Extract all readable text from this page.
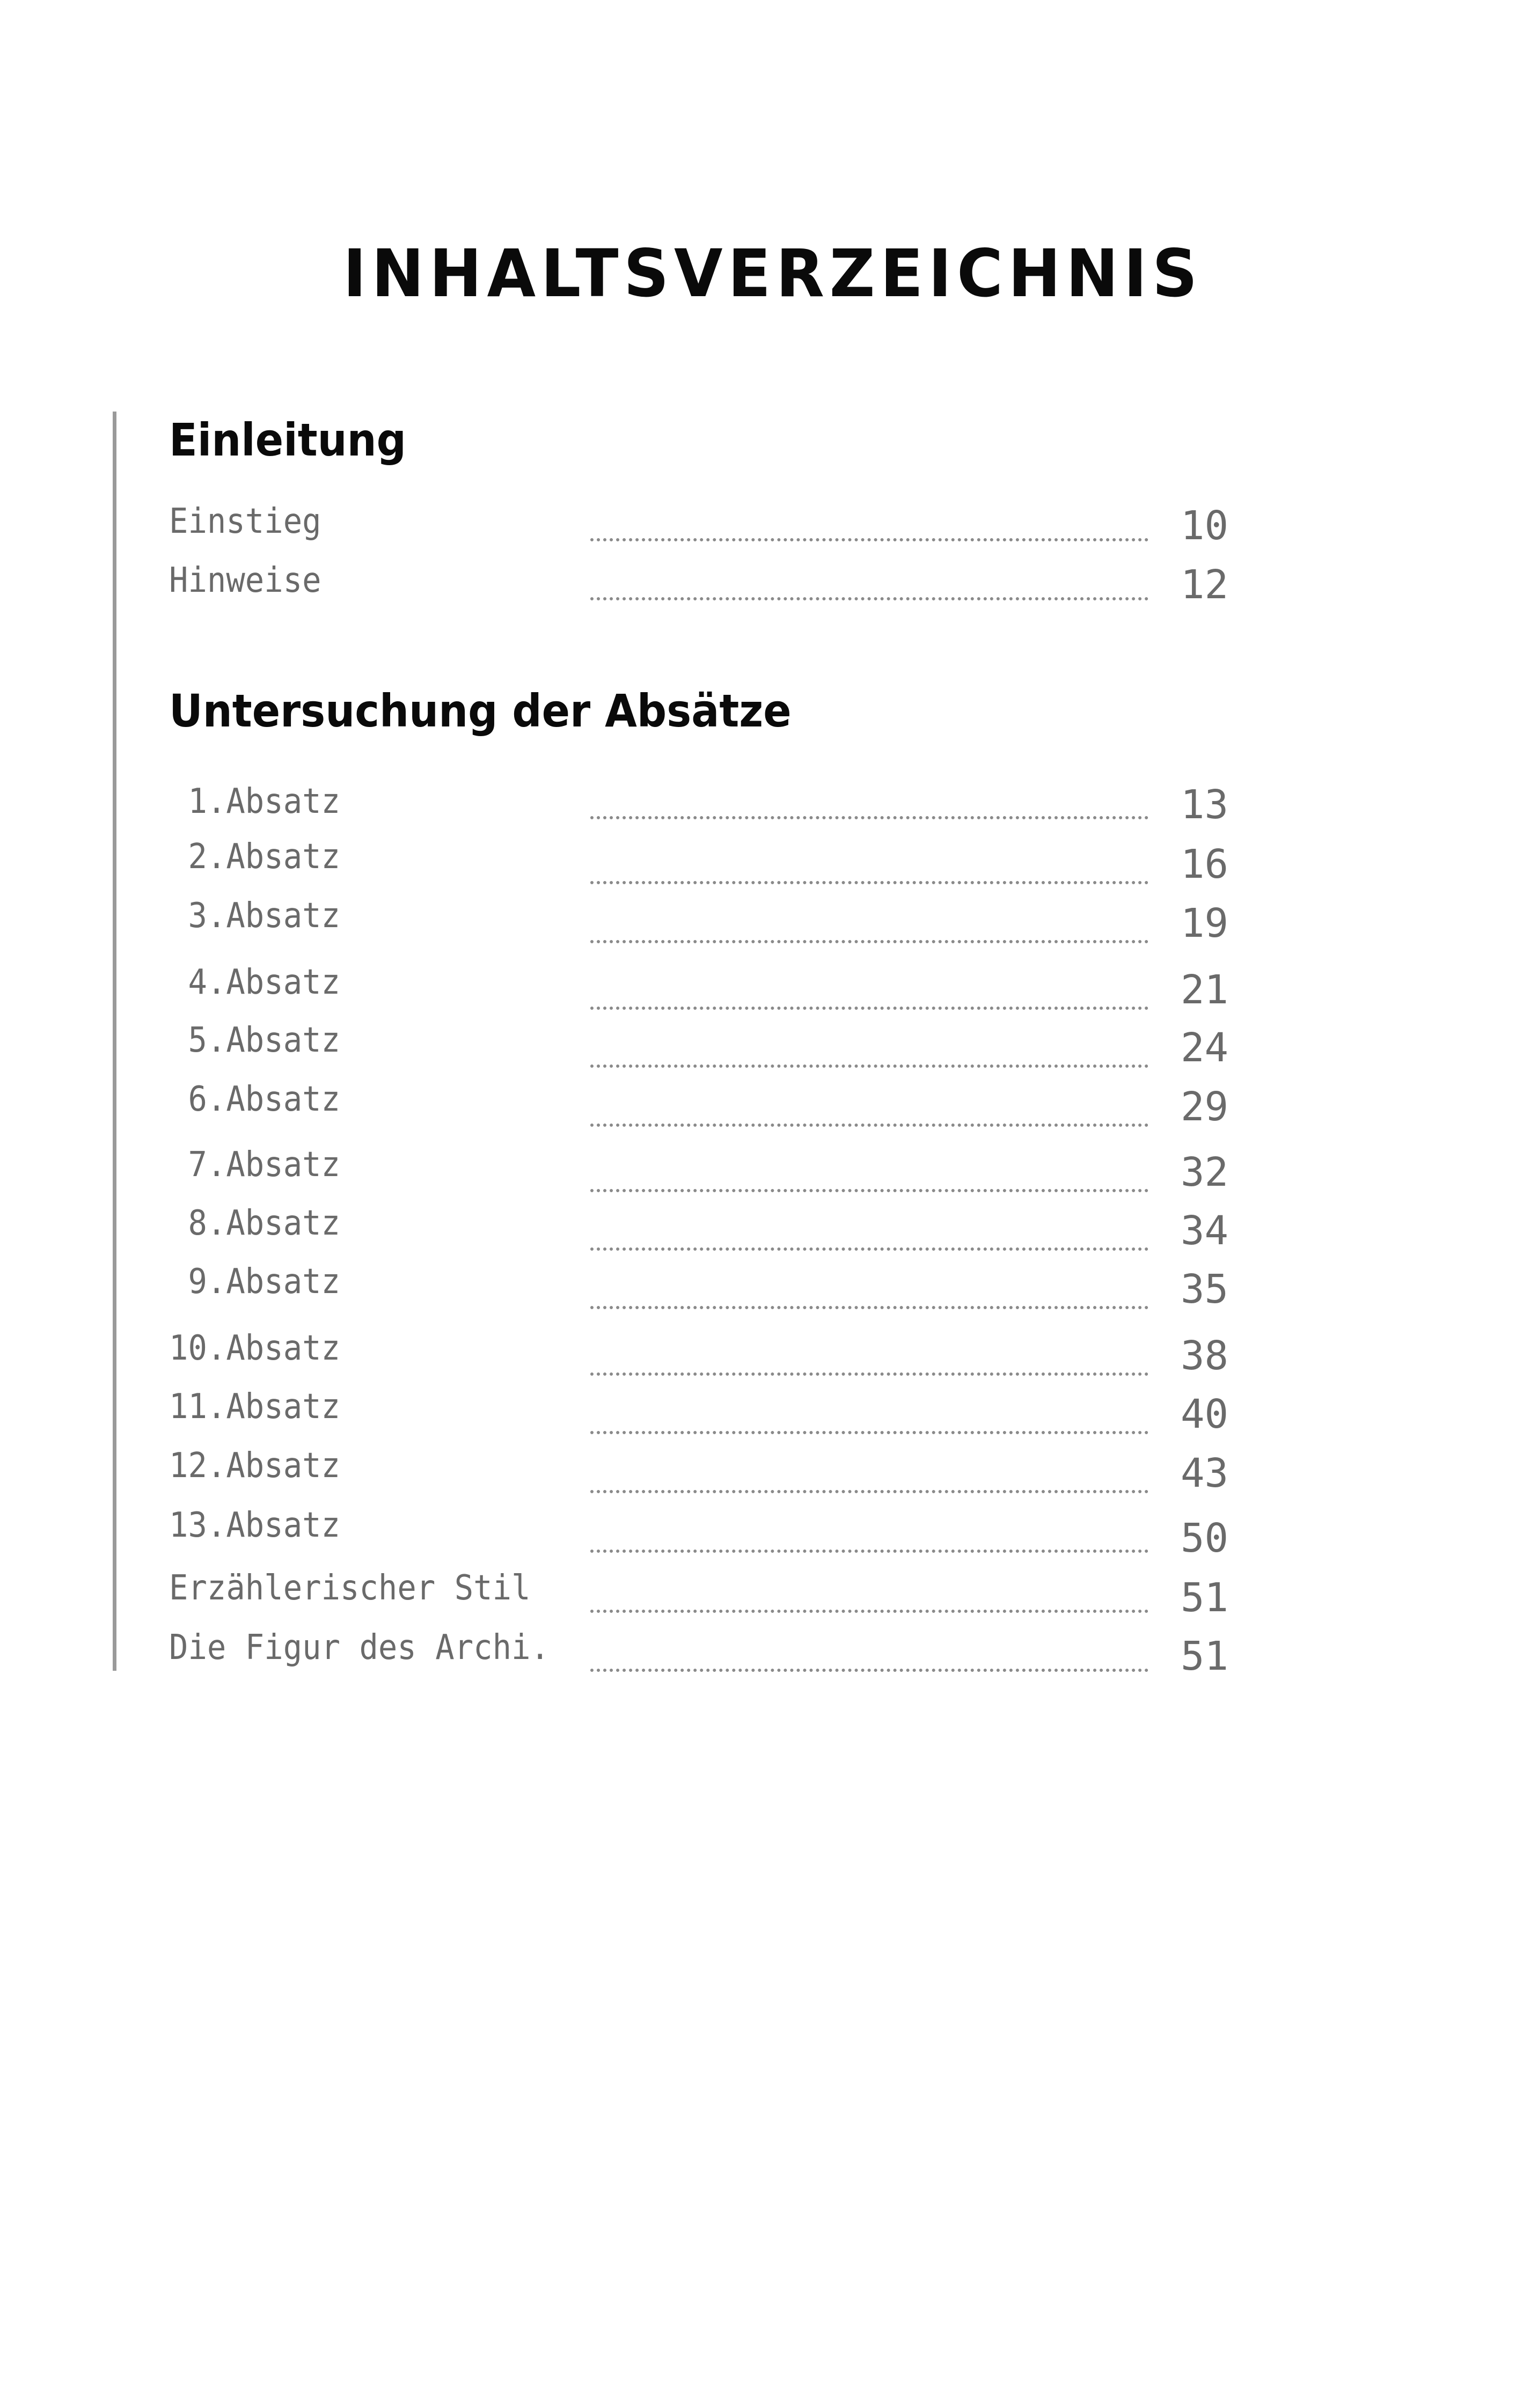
INHALTSVERZEICHNIS
Einleitung
Einstieg	10
Hinweise	12
Untersuchung der Absätze
1.Absatz	13
2.Absatz	16
3.Absatz	19
4.Absatz	21
5.Absatz	24
6.Absatz	29
7.Absatz	32
8.Absatz	34
9.Absatz	35
10.Absatz	38
11.Absatz	40
12.Absatz	43
13.Absatz	50
Erzählerischer Stil	51
Die Figur des Archi.	51
